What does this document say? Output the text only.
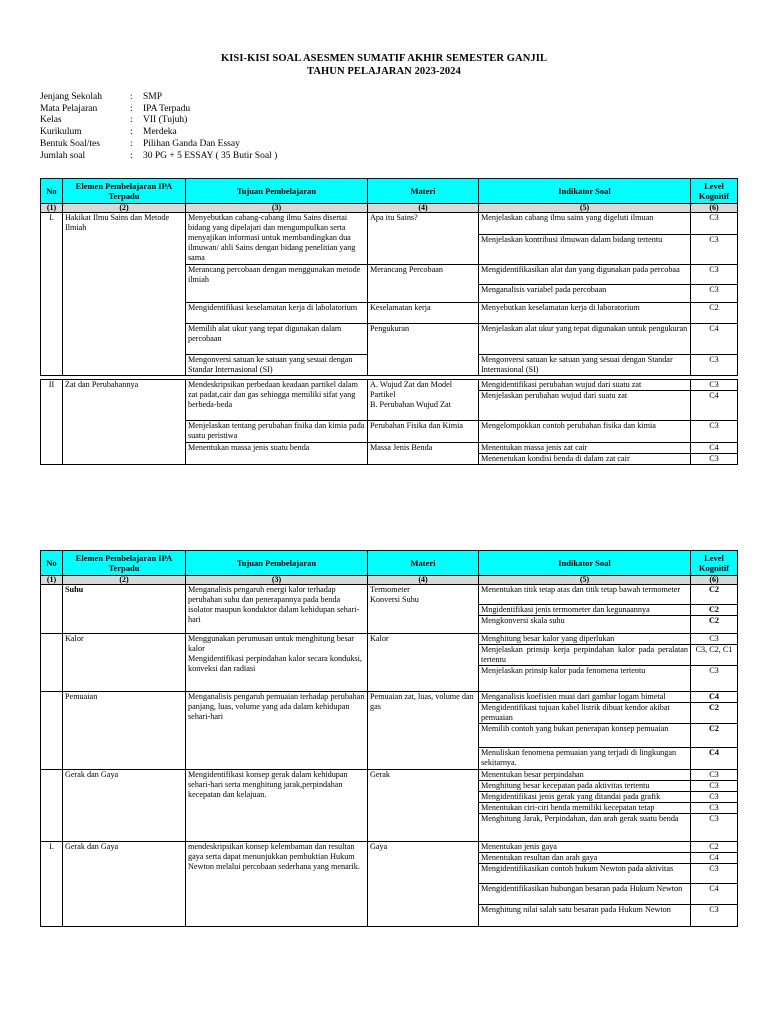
KISI-KISI SOAL ASESMEN SUMATIF AKHIR SEMESTER GANJIL
TAHUN PELAJARAN 2023-2024
Jenjang Sekolah	:	SMP
Mata Pelajaran	:	IPA Terpadu
Kelas	:	VII (Tujuh)
Kurikulum	:	Merdeka
Bentuk Soal/tes	:	Pilihan Ganda Dan Essay
Jumlah soal	:	30 PG + 5 ESSAY ( 35 Butir Soal )
No	Elemen Pembelajaran IPA Terpadu	Tujuan Pembelajaran	Materi	Indikator Soal	Level Kognitif
(1)	(2)	(3)	(4)	(5)	(6)
I.	Hakikat Ilmu Sains dan Metode Ilmiah	Menyebutkan cabang-cabang ilmu Sains disertai bidang yang dipelajari dan mengumpulkan serta menyajikan informasi untuk membandingkan dua ilmuwan/ ahli Sains dengan bidang penelitian yang sama	Apa itu Sains?	Menjelaskan cabang ilmu sains yang digeluti ilmuan	C3
				Menjelaskan kontribusi ilmuwan dalam bidang tertentu	C3
		Merancang percobaan dengan menggunakan metode ilmiah	Merancang Percobaan	Mengidentifikasikan alat dan yang digunakan pada percobaa	C3
				Menganalisis variabel pada percobaan	C3
		Mengidentifikasi keselamatan kerja di labolatorium	Keselamatan kerja	Menyebutkan keselamatan kerja di laboratorium	C2
		Memilih alat ukur yang tepat digunakan dalam percobaan	Pengukuran	Menjelaskan alat ukur yang tepat digunakan untuk pengukuran	C4
		Mengonversi satuan ke satuan yang sesuai dengan Standar Internasional (SI)		Mengonversi satuan ke satuan yang sesuai dengan Standar Internasional (SI)	C3
II	Zat dan Perubahannya	Mendeskripsikan perbedaan keadaan partikel dalam zat padat,cair dan gas sehingga memiliki sifat yang berbeda-beda	A. Wujud Zat dan Model Partikel
B. Perubahan Wujud Zat	Mengidentifikasi perubahan wujud dari suatu zat	C3
				Menjelaskan perubahan wujud dari suatu zat	C4
		Menjelaskan tentang perubahan fisika dan kimia pada suatu peristiwa	Perubahan Fisika dan Kimia	Mengelompokkan contoh perubahan fisika dan kimia	C3
		Menentukan massa jenis suatu benda	Massa Jenis Benda	Menentukan massa jenis zat cair	C4
				Menenetukan kondisi benda di dalam zat cair	C3
No	Elemen Pembelajaran IPA Terpadu	Tujuan Pembelajaran	Materi	Indikator Soal	Level Kognitif
(1)	(2)	(3)	(4)	(5)	(6)
	Suhu	Menganalisis pengaruh energi kalor terhadap perubahan suhu dan penerapannya pada benda isolator maupun konduktor dalam kehidupan sehari-hari	Termometer
Konversi Suhu	Menentukan titik tetap atas dan titik tetap bawah termometer	C2
				Mngidentifikasi jenis termometer dan kegunaannya	C2
				Mengkonversi skala suhu	C2
	Kalor	Menggunakan perumusan untuk menghitung besar kalor
Mengidentifikasi perpindahan kalor secara konduksi, konveksi dan radiasi	Kalor	Menghitung besar kalor yang diperlukan	C3
				Menjelaskan prinsip kerja perpindahan kalor pada peralatan tertentu	C3, C2, C1
				Menjelaskan prinsip kalor pada fenomena tertentu	C3
	Pemuaian	Menganalisis pengaruh pemuaian terhadap perubahan panjang, luas, volume yang ada dalam kehidupan sehari-hari	Pemuaian zat, luas, volume dan gas	Menganalisis koefisien muai dari gambar logam bimetal	C4
				Mengidentifikasi tujuan kabel listrik dibuat kendor akibat pemuaian	C2
				Memilih contoh yang bukan penerapan konsep pemuaian	C2
				Menuliskan fenomena pemuaian yang terjadi di lingkungan sekitarnya.	C4
	Gerak dan Gaya	Mengidentifikasi konsep gerak dalam kehidupan sehari-hari serta menghitung jarak,perpindahan kecepatan dan kelajuan.	Gerak	Menentukan besar perpindahan	C3
				Menghitung besar kecepatan pada aktivitas tertentu	C3
				Mengidentifikasi jenis gerak yang ditandai pada grafik	C3
				Menentukan ciri-ciri benda memiliki kecepatan tetap	C3
				Menghitung Jarak, Perpindahan, dan arah gerak suatu benda	C3
I.	Gerak dan Gaya	mendeskripsikan konsep kelembaman dan resultan gaya serta dapat menunjukkan pembuktian Hukum Newton melalui percobaan sederhana yang menarik.	Gaya	Menentukan jenis gaya	C2
				Menentukan resultan dan arah gaya	C4
				Mengidentifikasikan contoh hukum Newton pada aktivitas	C3
				Mengidentifikasikan hubungan besaran pada Hukum Newton	C4
				Menghitung nilai salah satu besaran pada Hukum Newton	C3
